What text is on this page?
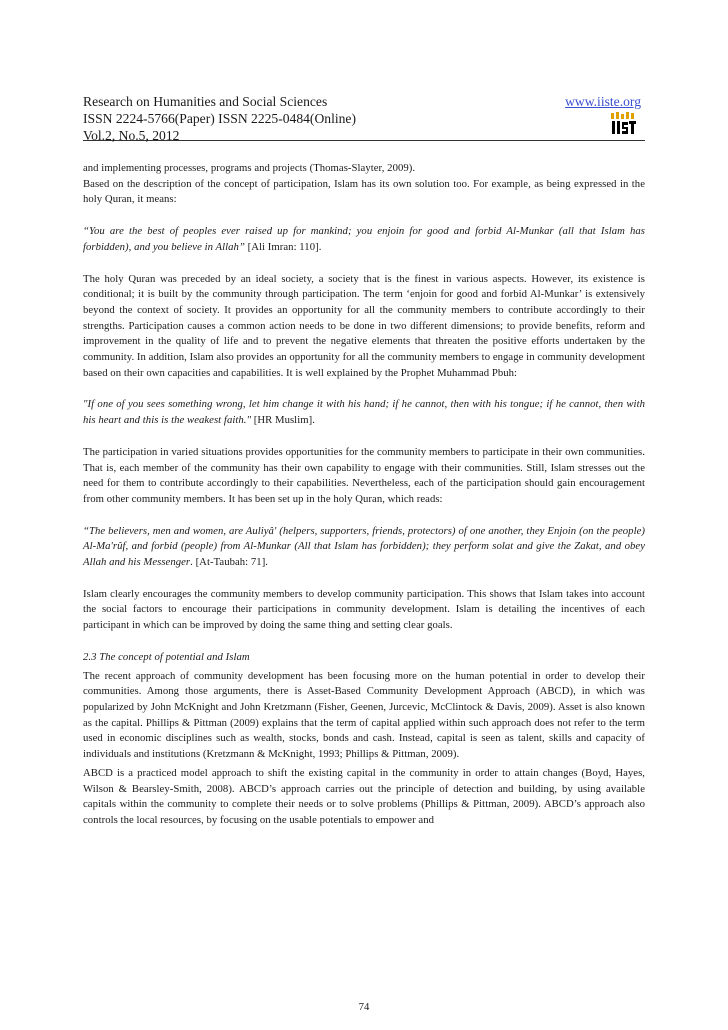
Research on Humanities and Social Sciences
ISSN 2224-5766(Paper) ISSN 2225-0484(Online)
Vol.2, No.5, 2012
www.iiste.org

and implementing processes, programs and projects (Thomas-Slayter, 2009).

Based on the description of the concept of participation, Islam has its own solution too. For example, as being expressed in the holy Quran, it means:

“You are the best of peoples ever raised up for mankind; you enjoin for good and forbid Al-Munkar (all that Islam has forbidden), and you believe in Allah” [Ali Imran: 110].

The holy Quran was preceded by an ideal society, a society that is the finest in various aspects. However, its existence is conditional; it is built by the community through participation. The term ‘enjoin for good and forbid Al-Munkar’ is extensively beyond the context of society. It provides an opportunity for all the community members to contribute accordingly to their strengths. Participation causes a common action needs to be done in two different dimensions; to provide benefits, reform and improvement in the quality of life and to prevent the negative elements that threaten the positive efforts undertaken by the community. In addition, Islam also provides an opportunity for all the community members to engage in community development based on their own capacities and capabilities. It is well explained by the Prophet Muhammad Pbuh:

"If one of you sees something wrong, let him change it with his hand; if he cannot, then with his tongue; if he cannot, then with his heart and this is the weakest faith." [HR Muslim].

The participation in varied situations provides opportunities for the community members to participate in their own communities. That is, each member of the community has their own capability to engage with their communities. Still, Islam stresses out the need for them to contribute accordingly to their capabilities. Nevertheless, each of the participation should gain encouragement from other community members. It has been set up in the holy Quran, which reads:

“The believers, men and women, are Auliyâ' (helpers, supporters, friends, protectors) of one another, they Enjoin (on the people) Al-Ma'rûf, and forbid (people) from Al-Munkar (All that Islam has forbidden); they perform solat and give the Zakat, and obey Allah and his Messenger. [At-Taubah: 71].

Islam clearly encourages the community members to develop community participation. This shows that Islam takes into account the social factors to encourage their participations in community development. Islam is detailing the incentives of each participant in which can be improved by doing the same thing and setting clear goals.

2.3 The concept of potential and Islam

The recent approach of community development has been focusing more on the human potential in order to develop their communities. Among those arguments, there is Asset-Based Community Development Approach (ABCD), in which was popularized by John McKnight and John Kretzmann (Fisher, Geenen, Jurcevic, McClintock & Davis, 2009). Asset is also known as the capital. Phillips & Pittman (2009) explains that the term of capital applied within such approach does not refer to the term used in economic disciplines such as wealth, stocks, bonds and cash. Instead, capital is seen as talent, skills and capacity of individuals and institutions (Kretzmann & McKnight, 1993; Phillips & Pittman, 2009).

ABCD is a practiced model approach to shift the existing capital in the community in order to attain changes (Boyd, Hayes, Wilson & Bearsley-Smith, 2008). ABCD’s approach carries out the principle of detection and building, by using available capitals within the community to complete their needs or to solve problems (Phillips & Pittman, 2009). ABCD’s approach also controls the local resources, by focusing on the usable potentials to empower and

74
